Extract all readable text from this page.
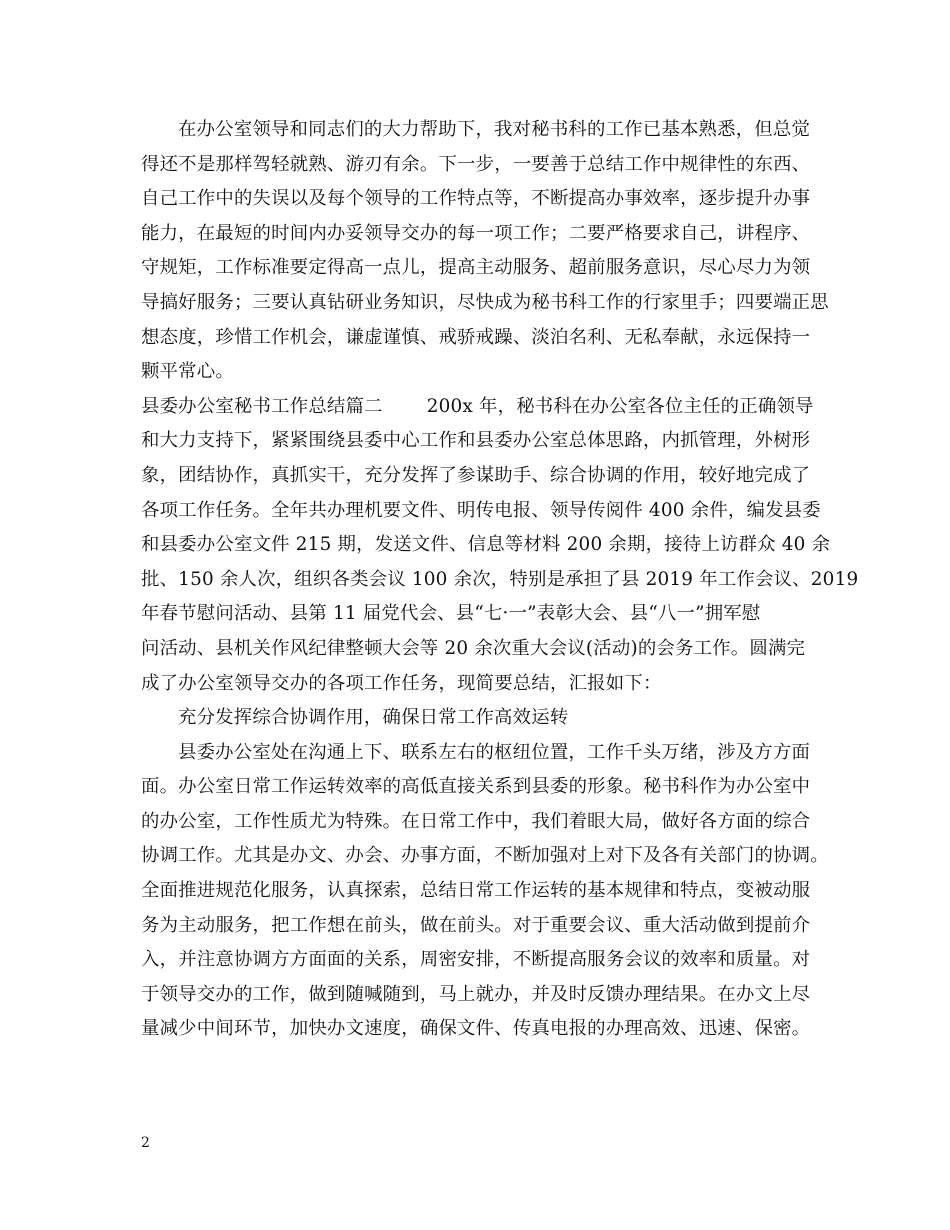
在办公室领导和同志们的大力帮助下，我对秘书科的工作已基本熟悉，但总觉
得还不是那样驾轻就熟、游刃有余。下一步，一要善于总结工作中规律性的东西、
自己工作中的失误以及每个领导的工作特点等，不断提高办事效率，逐步提升办事
能力，在最短的时间内办妥领导交办的每一项工作；二要严格要求自己，讲程序、
守规矩，工作标准要定得高一点儿，提高主动服务、超前服务意识，尽心尽力为领
导搞好服务；三要认真钻研业务知识，尽快成为秘书科工作的行家里手；四要端正思
想态度，珍惜工作机会，谦虚谨慎、戒骄戒躁、淡泊名利、无私奉献，永远保持一
颗平常心。
县委办公室秘书工作总结篇二 200x 年，秘书科在办公室各位主任的正确领导
和大力支持下，紧紧围绕县委中心工作和县委办公室总体思路，内抓管理，外树形
象，团结协作，真抓实干，充分发挥了参谋助手、综合协调的作用，较好地完成了
各项工作任务。全年共办理机要文件、明传电报、领导传阅件 400 余件，编发县委
和县委办公室文件 215 期，发送文件、信息等材料 200 余期，接待上访群众 40 余
批、150 余人次，组织各类会议 100 余次，特别是承担了县 2019 年工作会议、2019
年春节慰问活动、县第 11 届党代会、县“七·一”表彰大会、县“八一”拥军慰
问活动、县机关作风纪律整顿大会等 20 余次重大会议(活动)的会务工作。圆满完
成了办公室领导交办的各项工作任务，现简要总结，汇报如下：
充分发挥综合协调作用，确保日常工作高效运转
县委办公室处在沟通上下、联系左右的枢纽位置，工作千头万绪，涉及方方面
面。办公室日常工作运转效率的高低直接关系到县委的形象。秘书科作为办公室中
的办公室，工作性质尤为特殊。在日常工作中，我们着眼大局，做好各方面的综合
协调工作。尤其是办文、办会、办事方面，不断加强对上对下及各有关部门的协调。
全面推进规范化服务，认真探索，总结日常工作运转的基本规律和特点，变被动服
务为主动服务，把工作想在前头，做在前头。对于重要会议、重大活动做到提前介
入，并注意协调方方面面的关系，周密安排，不断提高服务会议的效率和质量。对
于领导交办的工作，做到随喊随到，马上就办，并及时反馈办理结果。在办文上尽
量减少中间环节，加快办文速度，确保文件、传真电报的办理高效、迅速、保密。
2
